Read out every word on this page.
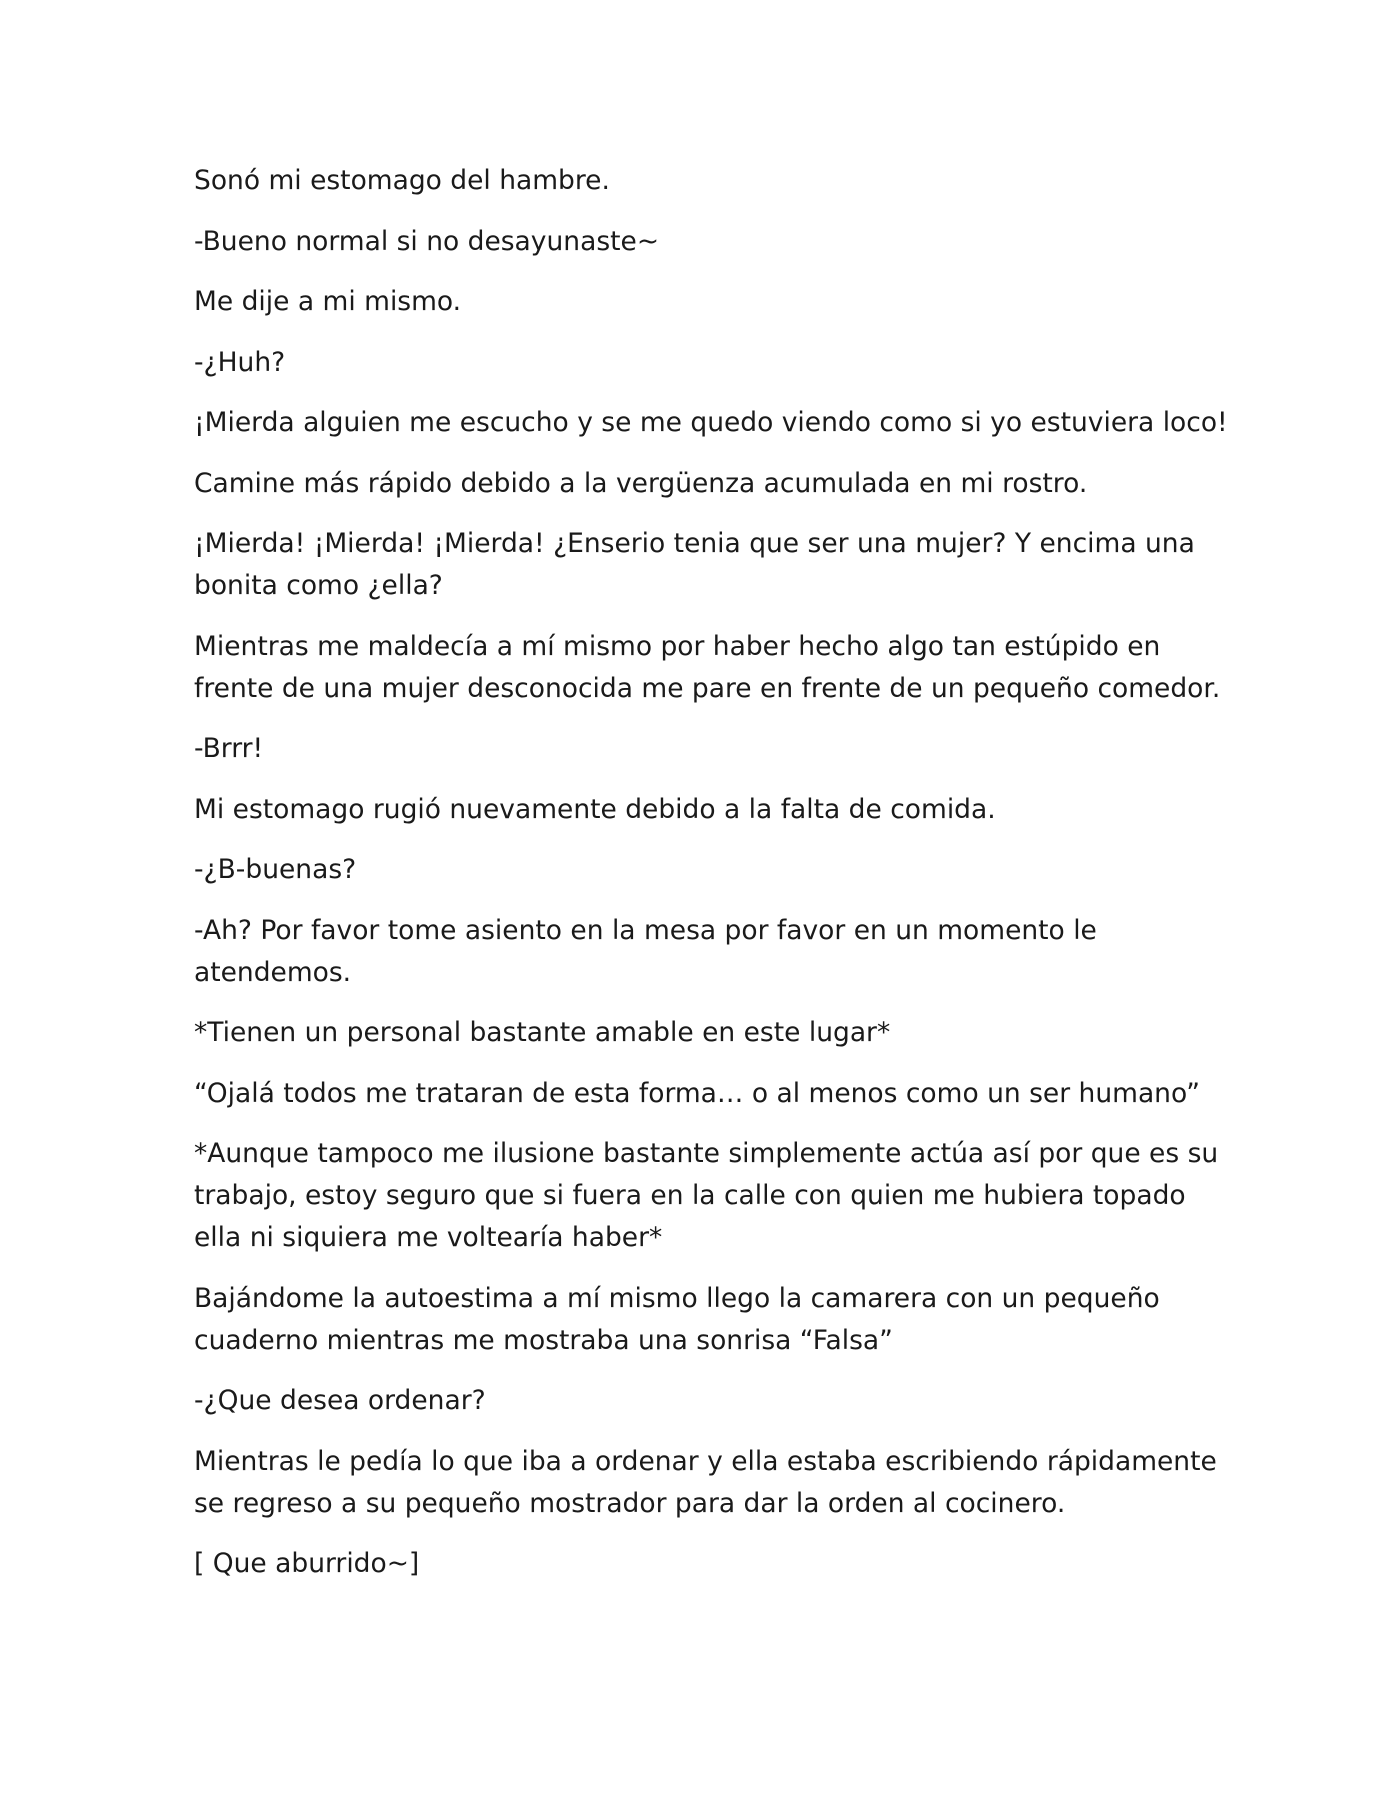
Sonó mi estomago del hambre.

-Bueno normal si no desayunaste~

Me dije a mi mismo.

-¿Huh?

¡Mierda alguien me escucho y se me quedo viendo como si yo estuviera loco!

Camine más rápido debido a la vergüenza acumulada en mi rostro.

¡Mierda! ¡Mierda! ¡Mierda! ¿Enserio tenia que ser una mujer? Y encima una bonita como ¿ella?

Mientras me maldecía a mí mismo por haber hecho algo tan estúpido en frente de una mujer desconocida me pare en frente de un pequeño comedor.

-Brrr!

Mi estomago rugió nuevamente debido a la falta de comida.

-¿B-buenas?

-Ah? Por favor tome asiento en la mesa por favor en un momento le atendemos.

*Tienen un personal bastante amable en este lugar*

“Ojalá todos me trataran de esta forma… o al menos como un ser humano”

*Aunque tampoco me ilusione bastante simplemente actúa así por que es su trabajo, estoy seguro que si fuera en la calle con quien me hubiera topado ella ni siquiera me voltearía haber*

Bajándome la autoestima a mí mismo llego la camarera con un pequeño cuaderno mientras me mostraba una sonrisa “Falsa”

-¿Que desea ordenar?

Mientras le pedía lo que iba a ordenar y ella estaba escribiendo rápidamente se regreso a su pequeño mostrador para dar la orden al cocinero.

[ Que aburrido~]
